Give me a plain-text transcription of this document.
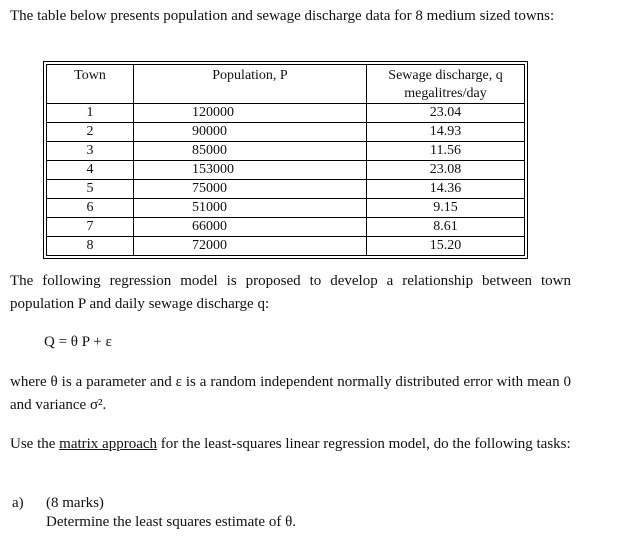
The table below presents population and sewage discharge data for 8 medium sized towns:
Town	Population, P	Sewage discharge, q
megalitres/day
1	120000	23.04
2	90000	14.93
3	85000	11.56
4	153000	23.08
5	75000	14.36
6	51000	9.15
7	66000	8.61
8	72000	15.20
The following regression model is proposed to develop a relationship between town population P and daily sewage discharge q:
Q = θ P + ε
where θ is a parameter and ε is a random independent normally distributed error with mean 0 and variance σ².
Use the matrix approach for the least-squares linear regression model, do the following tasks:
a) (8 marks)
Determine the least squares estimate of θ.
